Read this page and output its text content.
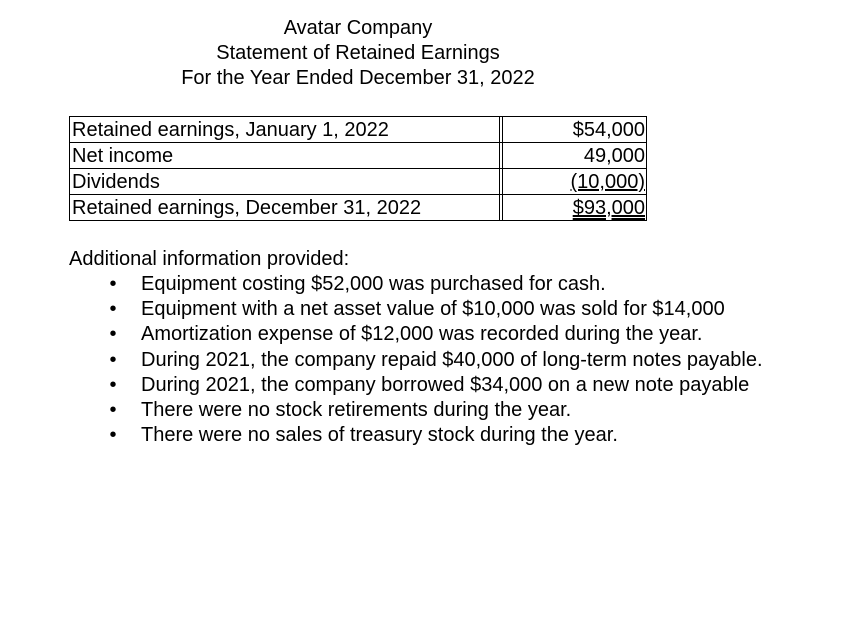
Avatar Company
Statement of Retained Earnings
For the Year Ended December 31, 2022
Retained earnings, January 1, 2022		$54,000
Net income		49,000
Dividends		(10,000)
Retained earnings, December 31, 2022		$93,000
Additional information provided:
•	Equipment costing $52,000 was purchased for cash.
•	Equipment with a net asset value of $10,000 was sold for $14,000
•	Amortization expense of $12,000 was recorded during the year.
•	During 2021, the company repaid $40,000 of long-term notes payable.
•	During 2021, the company borrowed $34,000 on a new note payable
•	There were no stock retirements during the year.
•	There were no sales of treasury stock during the year.
